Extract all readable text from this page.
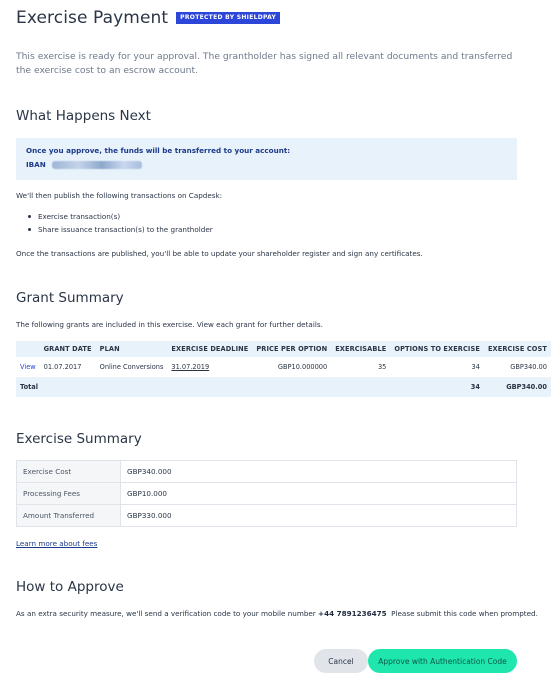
Exercise Payment	PROTECTED BY SHIELDPAY

This exercise is ready for your approval. The grantholder has signed all relevant documents and transferred the exercise cost to an escrow account.

What Happens Next
Once you approve, the funds will be transferred to your account:
IBAN

We'll then publish the following transactions on Capdesk:

Exercise transaction(s)
Share issuance transaction(s) to the grantholder

Once the transactions are published, you'll be able to update your shareholder register and sign any certificates.

Grant Summary

The following grants are included in this exercise. View each grant for further details.

	GRANT DATE	PLAN	EXERCISE DEADLINE	PRICE PER OPTION	EXERCISABLE	OPTIONS TO EXERCISE	EXERCISE COST
View	01.07.2017	Online Conversions	31.07.2019	GBP10.000000	35	34	GBP340.00
Total						34	GBP340.00
Exercise Summary
Exercise Cost	GBP340.000
Processing Fees	GBP10.000
Amount Transferred	GBP330.000
Learn more about fees
How to Approve

As an extra security measure, we'll send a verification code to your mobile number +44 7891236475  Please submit this code when prompted.

Cancel	Approve with Authentication Code
